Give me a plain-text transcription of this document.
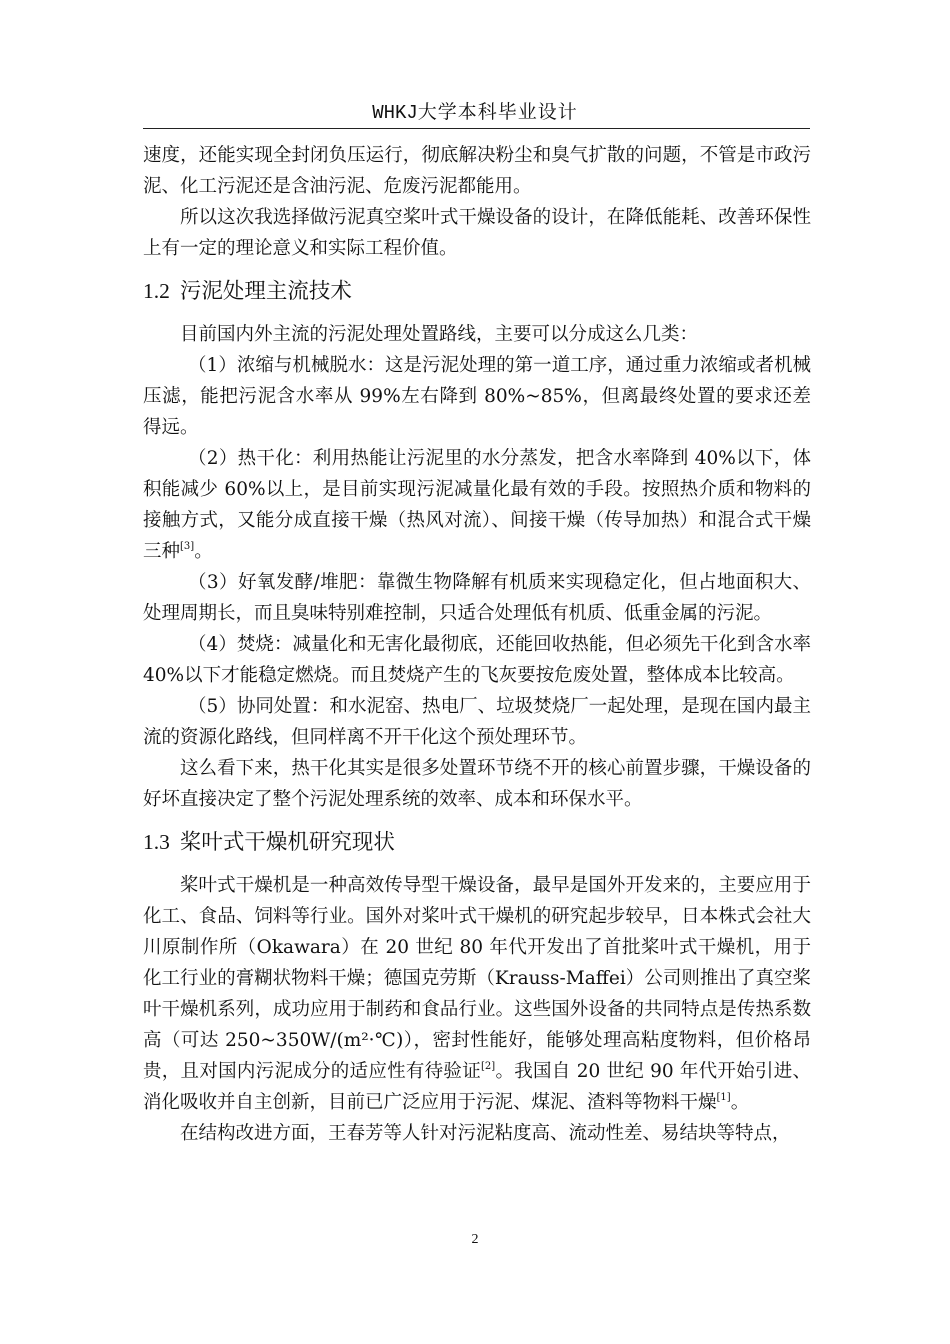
WHKJ大学本科毕业设计

速度，还能实现全封闭负压运行，彻底解决粉尘和臭气扩散的问题，不管是市政污泥、化工污泥还是含油污泥、危废污泥都能用。

所以这次我选择做污泥真空桨叶式干燥设备的设计，在降低能耗、改善环保性上有一定的理论意义和实际工程价值。

1.2 污泥处理主流技术

目前国内外主流的污泥处理处置路线，主要可以分成这么几类：

（1）浓缩与机械脱水：这是污泥处理的第一道工序，通过重力浓缩或者机械压滤，能把污泥含水率从 99%左右降到 80%~85%，但离最终处置的要求还差得远。

（2）热干化：利用热能让污泥里的水分蒸发，把含水率降到 40%以下，体积能减少 60%以上，是目前实现污泥减量化最有效的手段。按照热介质和物料的接触方式，又能分成直接干燥（热风对流）、间接干燥（传导加热）和混合式干燥三种[3]。

（3）好氧发酵/堆肥：靠微生物降解有机质来实现稳定化，但占地面积大、处理周期长，而且臭味特别难控制，只适合处理低有机质、低重金属的污泥。

（4）焚烧：减量化和无害化最彻底，还能回收热能，但必须先干化到含水率 40%以下才能稳定燃烧。而且焚烧产生的飞灰要按危废处置，整体成本比较高。

（5）协同处置：和水泥窑、热电厂、垃圾焚烧厂一起处理，是现在国内最主流的资源化路线，但同样离不开干化这个预处理环节。

这么看下来，热干化其实是很多处置环节绕不开的核心前置步骤，干燥设备的好坏直接决定了整个污泥处理系统的效率、成本和环保水平。

1.3 桨叶式干燥机研究现状

桨叶式干燥机是一种高效传导型干燥设备，最早是国外开发来的，主要应用于化工、食品、饲料等行业。国外对桨叶式干燥机的研究起步较早，日本株式会社大川原制作所（Okawara）在 20 世纪 80 年代开发出了首批桨叶式干燥机，用于化工行业的膏糊状物料干燥；德国克劳斯（Krauss-Maffei）公司则推出了真空桨叶干燥机系列，成功应用于制药和食品行业。这些国外设备的共同特点是传热系数高（可达 250~350W/(m²·℃)），密封性能好，能够处理高粘度物料，但价格昂贵，且对国内污泥成分的适应性有待验证[2]。我国自 20 世纪 90 年代开始引进、消化吸收并自主创新，目前已广泛应用于污泥、煤泥、渣料等物料干燥[1]。

在结构改进方面，王春芳等人针对污泥粘度高、流动性差、易结块等特点，

2
